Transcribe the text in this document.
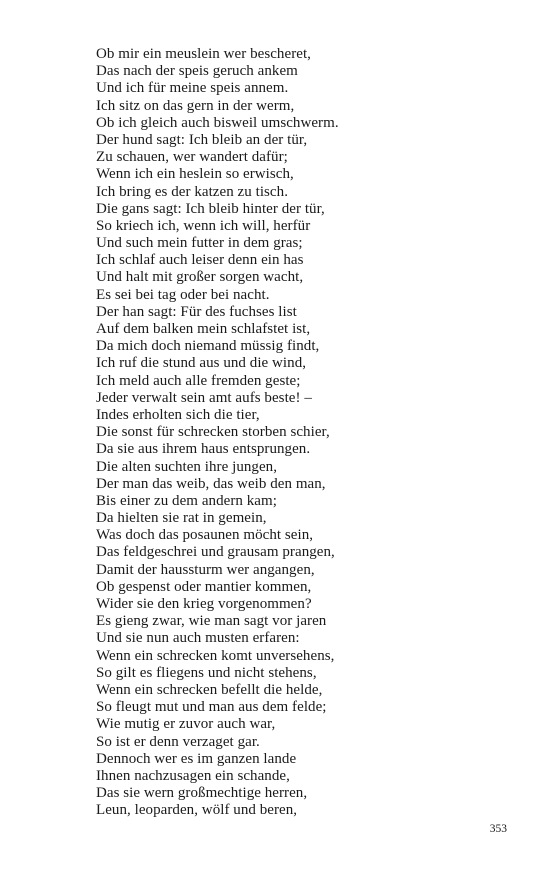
Ob mir ein meuslein wer bescheret,
Das nach der speis geruch ankem
Und ich für meine speis annem.
Ich sitz on das gern in der werm,
Ob ich gleich auch bisweil umschwerm.
Der hund sagt: Ich bleib an der tür,
Zu schauen, wer wandert dafür;
Wenn ich ein heslein so erwisch,
Ich bring es der katzen zu tisch.
Die gans sagt: Ich bleib hinter der tür,
So kriech ich, wenn ich will, herfür
Und such mein futter in dem gras;
Ich schlaf auch leiser denn ein has
Und halt mit großer sorgen wacht,
Es sei bei tag oder bei nacht.
Der han sagt: Für des fuchses list
Auf dem balken mein schlafstet ist,
Da mich doch niemand müssig findt,
Ich ruf die stund aus und die wind,
Ich meld auch alle fremden geste;
Jeder verwalt sein amt aufs beste! –
Indes erholten sich die tier,
Die sonst für schrecken storben schier,
Da sie aus ihrem haus entsprungen.
Die alten suchten ihre jungen,
Der man das weib, das weib den man,
Bis einer zu dem andern kam;
Da hielten sie rat in gemein,
Was doch das posaunen möcht sein,
Das feldgeschrei und grausam prangen,
Damit der haussturm wer angangen,
Ob gespenst oder mantier kommen,
Wider sie den krieg vorgenommen?
Es gieng zwar, wie man sagt vor jaren
Und sie nun auch musten erfaren:
Wenn ein schrecken komt unversehens,
So gilt es fliegens und nicht stehens,
Wenn ein schrecken befellt die helde,
So fleugt mut und man aus dem felde;
Wie mutig er zuvor auch war,
So ist er denn verzaget gar.
Dennoch wer es im ganzen lande
Ihnen nachzusagen ein schande,
Das sie wern großmechtige herren,
Leun, leoparden, wölf und beren,
353
